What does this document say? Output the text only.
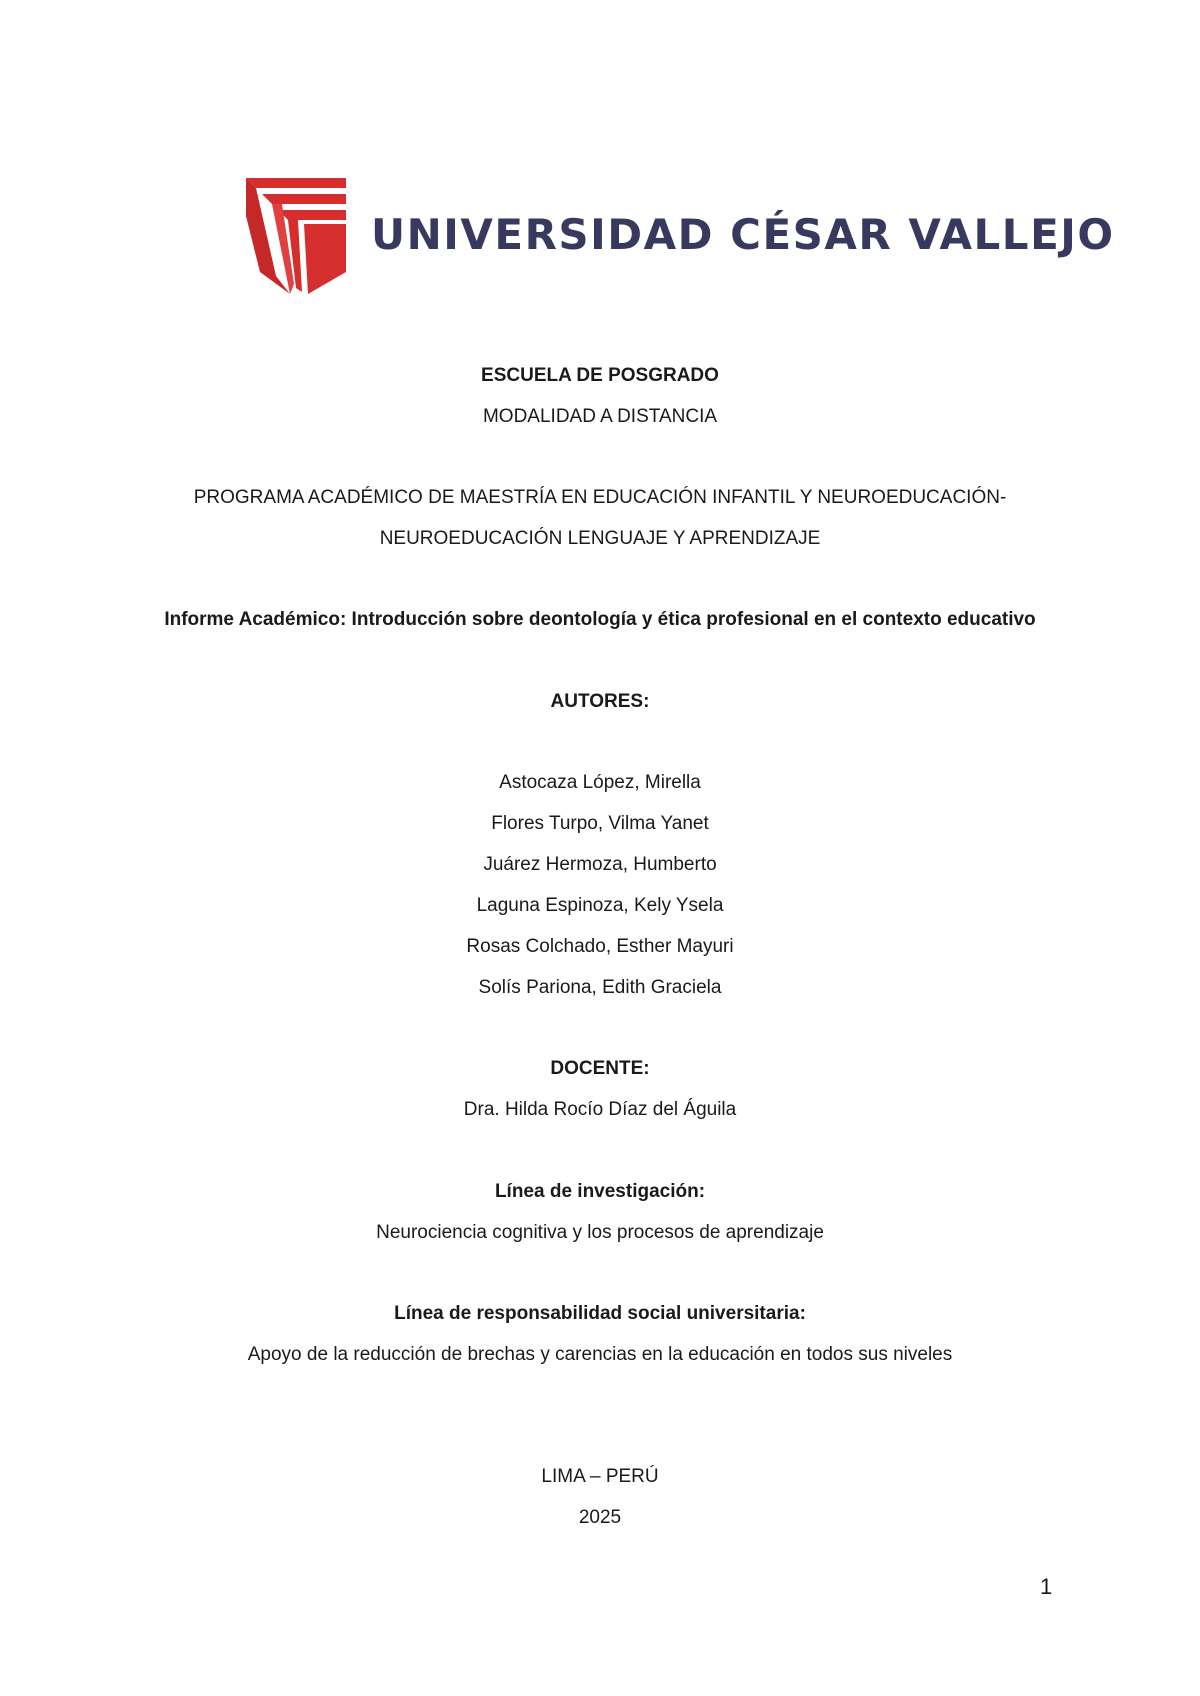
UNIVERSIDAD CÉSAR VALLEJO
ESCUELA DE POSGRADO
MODALIDAD A DISTANCIA
PROGRAMA ACADÉMICO DE MAESTRÍA EN EDUCACIÓN INFANTIL Y NEUROEDUCACIÓN-
NEUROEDUCACIÓN LENGUAJE Y APRENDIZAJE
Informe Académico: Introducción sobre deontología y ética profesional en el contexto educativo
AUTORES:
Astocaza López, Mirella
Flores Turpo, Vilma Yanet
Juárez Hermoza, Humberto
Laguna Espinoza, Kely Ysela
Rosas Colchado, Esther Mayuri
Solís Pariona, Edith Graciela
DOCENTE:
Dra. Hilda Rocío Díaz del Águila
Línea de investigación:
Neurociencia cognitiva y los procesos de aprendizaje
Línea de responsabilidad social universitaria:
Apoyo de la reducción de brechas y carencias en la educación en todos sus niveles
LIMA – PERÚ
2025
1
